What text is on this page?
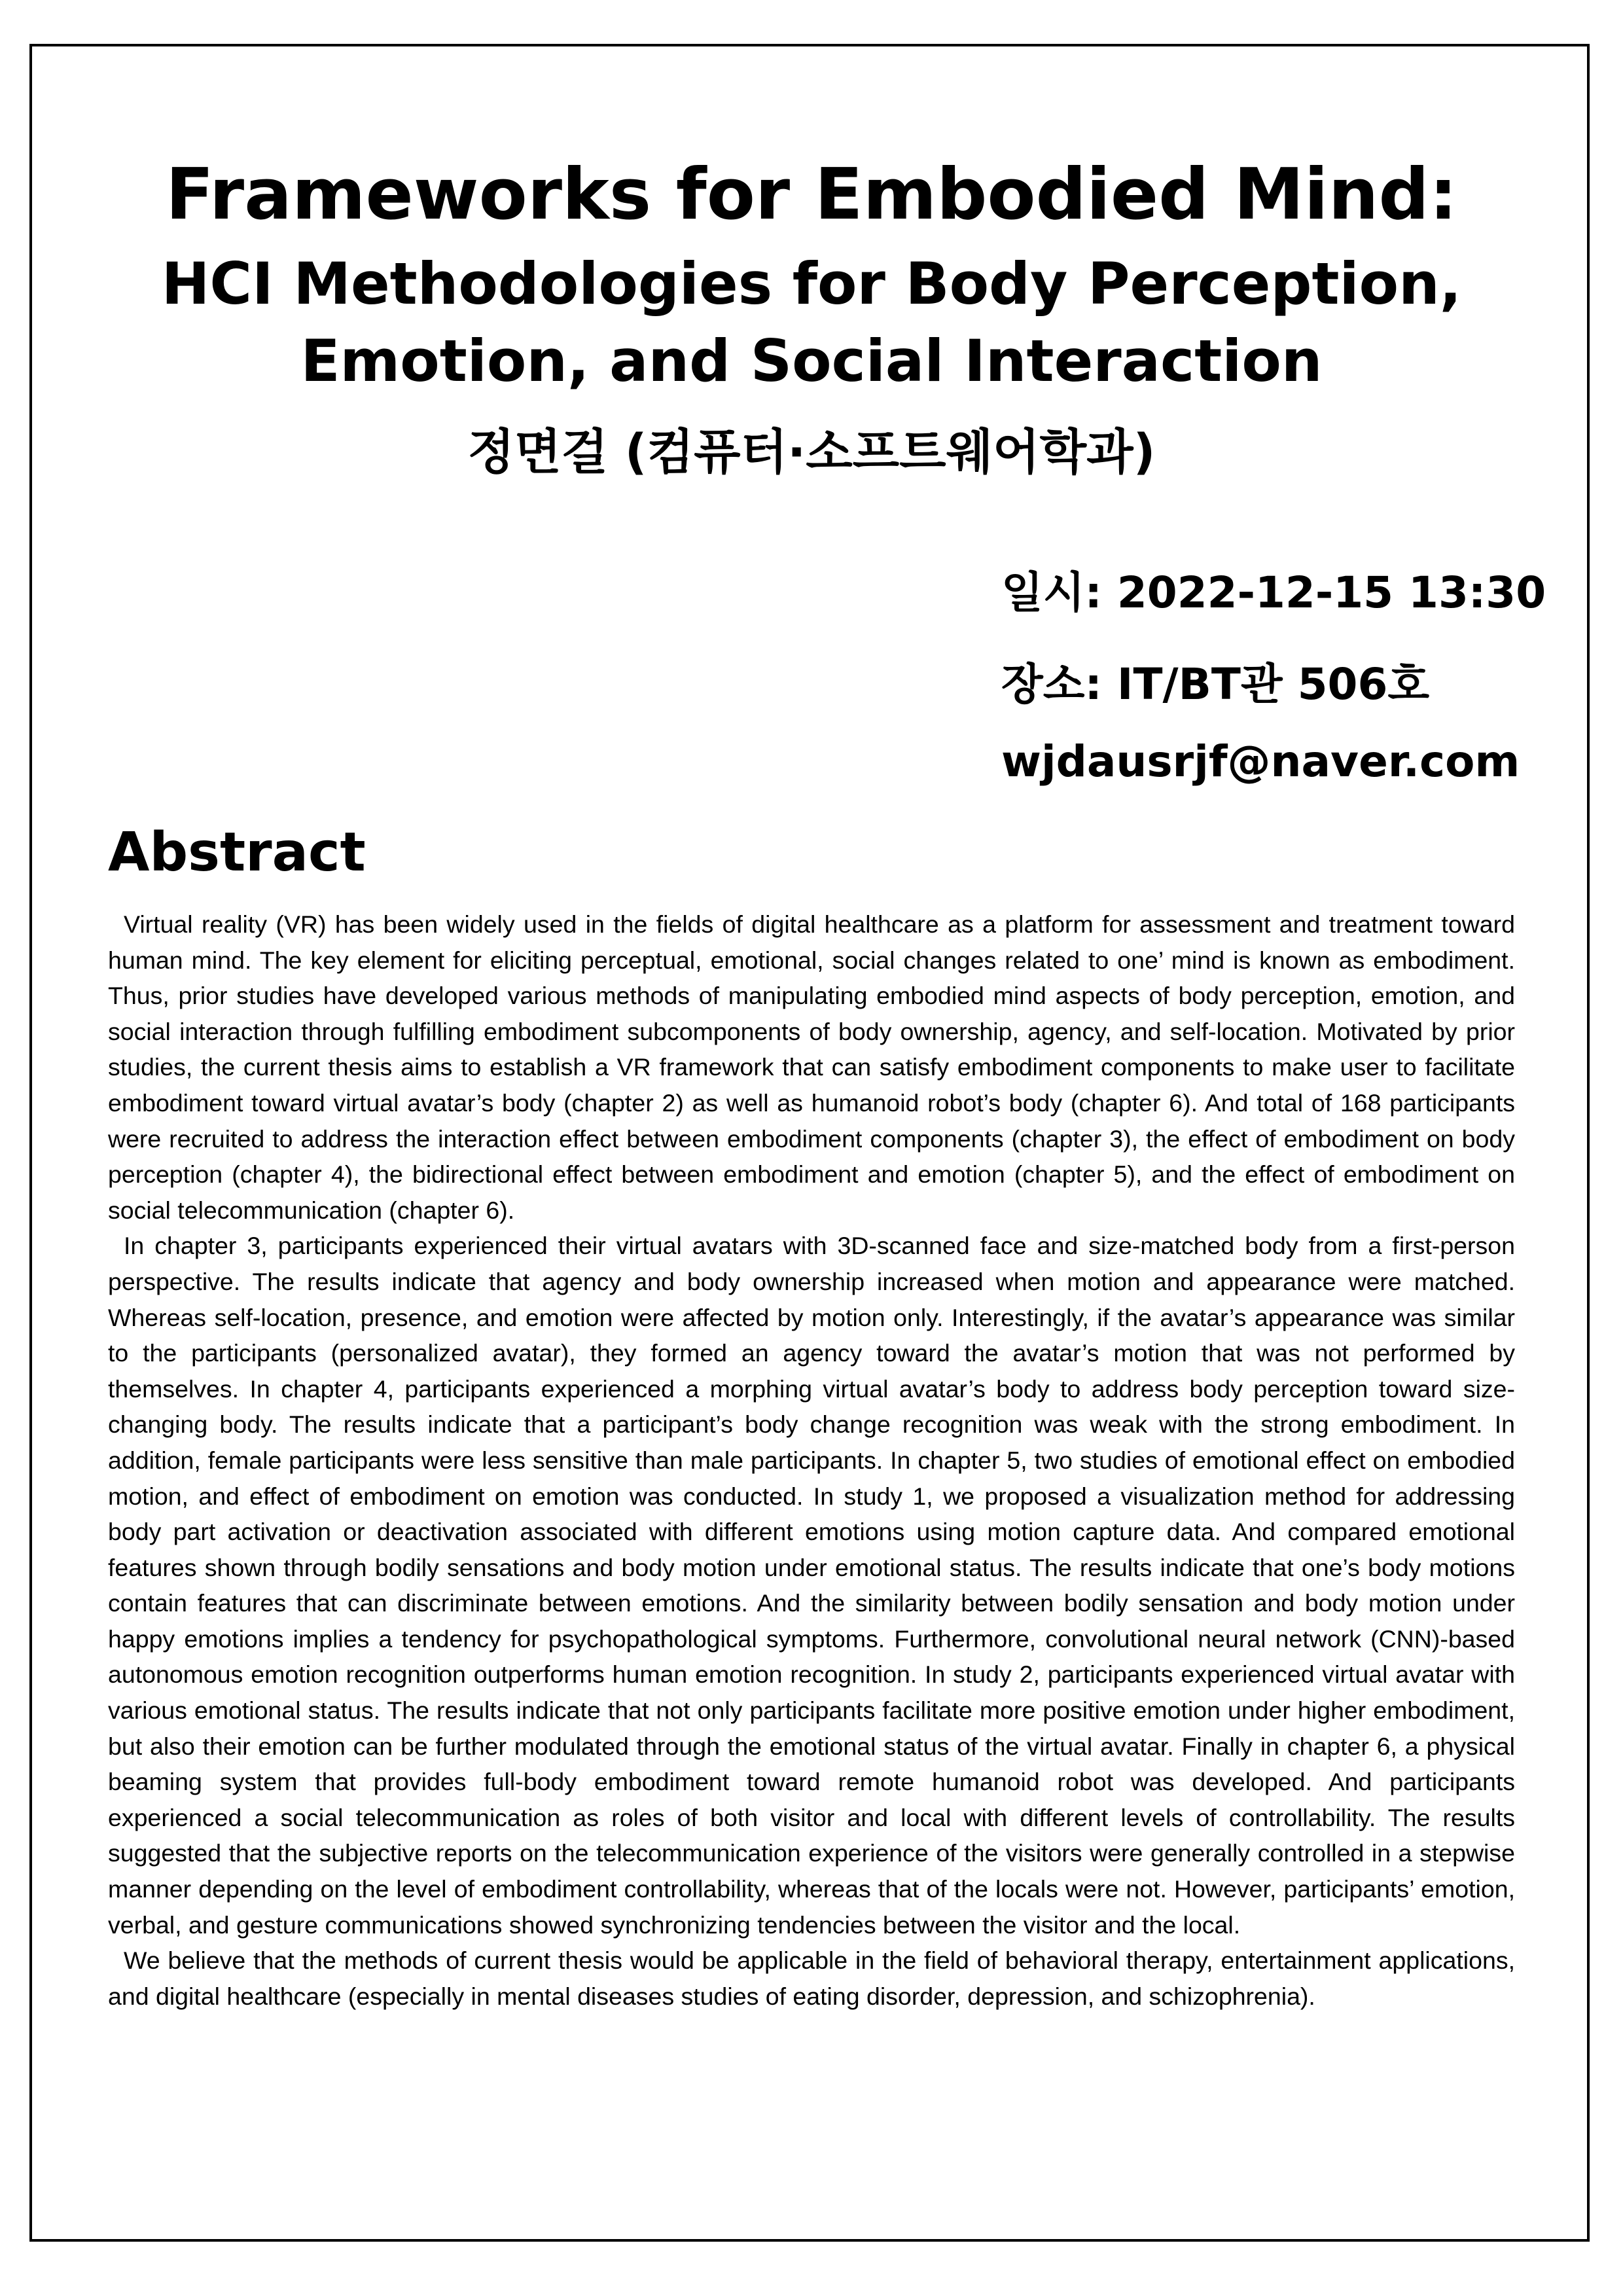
Frameworks for Embodied Mind:
HCI Methodologies for Body Perception,
Emotion, and Social Interaction
정면걸 (컴퓨터·소프트웨어학과)
일시: 2022-12-15 13:30
장소: IT/BT관 506호
wjdausrjf@naver.com
Abstract

Virtual reality (VR) has been widely used in the fields of digital healthcare as a platform for assessment and treatment toward human mind. The key element for eliciting perceptual, emotional, social changes related to one’ mind is known as embodiment. Thus, prior studies have developed various methods of manipulating embodied mind aspects of body perception, emotion, and social interaction through fulfilling embodiment subcomponents of body ownership, agency, and self-location. Motivated by prior studies, the current thesis aims to establish a VR framework that can satisfy embodiment components to make user to facilitate embodiment toward virtual avatar’s body (chapter 2) as well as humanoid robot’s body (chapter 6). And total of 168 participants were recruited to address the interaction effect between embodiment components (chapter 3), the effect of embodiment on body perception (chapter 4), the bidirectional effect between embodiment and emotion (chapter 5), and the effect of embodiment on social telecommunication (chapter 6).

In chapter 3, participants experienced their virtual avatars with 3D-scanned face and size-matched body from a first-person perspective. The results indicate that agency and body ownership increased when motion and appearance were matched. Whereas self-location, presence, and emotion were affected by motion only. Interestingly, if the avatar’s appearance was similar to the participants (personalized avatar), they formed an agency toward the avatar’s motion that was not performed by themselves. In chapter 4, participants experienced a morphing virtual avatar’s body to address body perception toward size-changing body. The results indicate that a participant’s body change recognition was weak with the strong embodiment. In addition, female participants were less sensitive than male participants. In chapter 5, two studies of emotional effect on embodied motion, and effect of embodiment on emotion was conducted. In study 1, we proposed a visualization method for addressing body part activation or deactivation associated with different emotions using motion capture data. And compared emotional features shown through bodily sensations and body motion under emotional status. The results indicate that one’s body motions contain features that can discriminate between emotions. And the similarity between bodily sensation and body motion under happy emotions implies a tendency for psychopathological symptoms. Furthermore, convolutional neural network (CNN)-based autonomous emotion recognition outperforms human emotion recognition. In study 2, participants experienced virtual avatar with various emotional status. The results indicate that not only participants facilitate more positive emotion under higher embodiment, but also their emotion can be further modulated through the emotional status of the virtual avatar. Finally in chapter 6, a physical beaming system that provides full-body embodiment toward remote humanoid robot was developed. And participants experienced a social telecommunication as roles of both visitor and local with different levels of controllability. The results suggested that the subjective reports on the telecommunication experience of the visitors were generally controlled in a stepwise manner depending on the level of embodiment controllability, whereas that of the locals were not. However, participants’ emotion, verbal, and gesture communications showed synchronizing tendencies between the visitor and the local.

We believe that the methods of current thesis would be applicable in the field of behavioral therapy, entertainment applications, and digital healthcare (especially in mental diseases studies of eating disorder, depression, and schizophrenia).
